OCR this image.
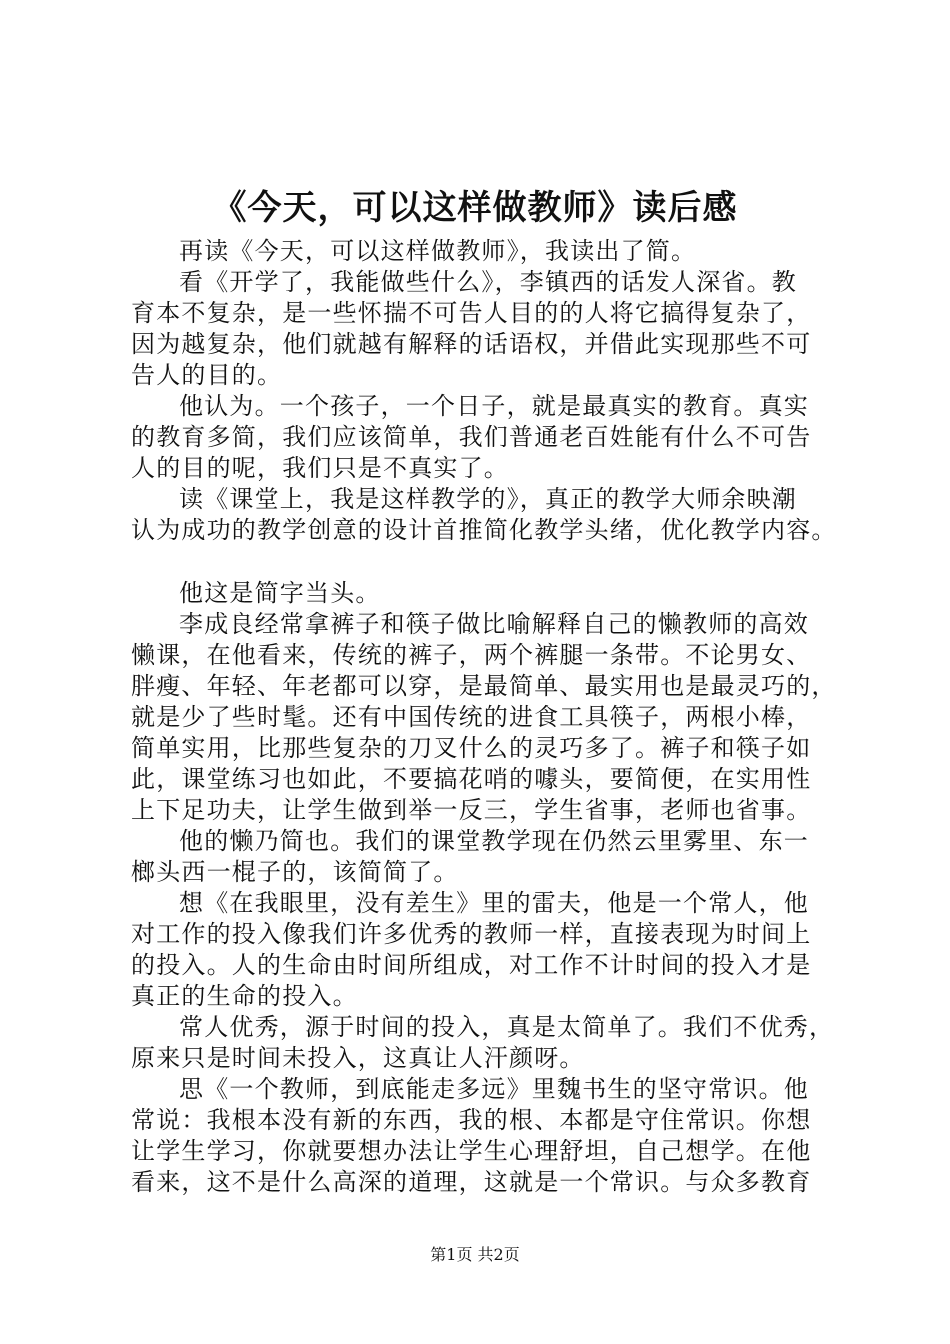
《今天，可以这样做教师》读后感
再读《今天，可以这样做教师》，我读出了简。
看《开学了，我能做些什么》，李镇西的话发人深省。教
育本不复杂，是一些怀揣不可告人目的的人将它搞得复杂了，
因为越复杂，他们就越有解释的话语权，并借此实现那些不可
告人的目的。
他认为。一个孩子，一个日子，就是最真实的教育。真实
的教育多简，我们应该简单，我们普通老百姓能有什么不可告
人的目的呢，我们只是不真实了。
读《课堂上，我是这样教学的》，真正的教学大师余映潮
认为成功的教学创意的设计首推简化教学头绪，优化教学内容。
他这是简字当头。
李成良经常拿裤子和筷子做比喻解释自己的懒教师的高效
懒课，在他看来，传统的裤子，两个裤腿一条带。不论男女、
胖瘦、年轻、年老都可以穿，是最简单、最实用也是最灵巧的，
就是少了些时髦。还有中国传统的进食工具筷子，两根小棒，
简单实用，比那些复杂的刀叉什么的灵巧多了。裤子和筷子如
此，课堂练习也如此，不要搞花哨的噱头，要简便，在实用性
上下足功夫，让学生做到举一反三，学生省事，老师也省事。
他的懒乃简也。我们的课堂教学现在仍然云里雾里、东一
榔头西一棍子的，该简简了。
想《在我眼里，没有差生》里的雷夫，他是一个常人，他
对工作的投入像我们许多优秀的教师一样，直接表现为时间上
的投入。人的生命由时间所组成，对工作不计时间的投入才是
真正的生命的投入。
常人优秀，源于时间的投入，真是太简单了。我们不优秀，
原来只是时间未投入，这真让人汗颜呀。
思《一个教师，到底能走多远》里魏书生的坚守常识。他
常说：我根本没有新的东西，我的根、本都是守住常识。你想
让学生学习，你就要想办法让学生心理舒坦，自己想学。在他
看来，这不是什么高深的道理，这就是一个常识。与众多教育
第1页 共2页
